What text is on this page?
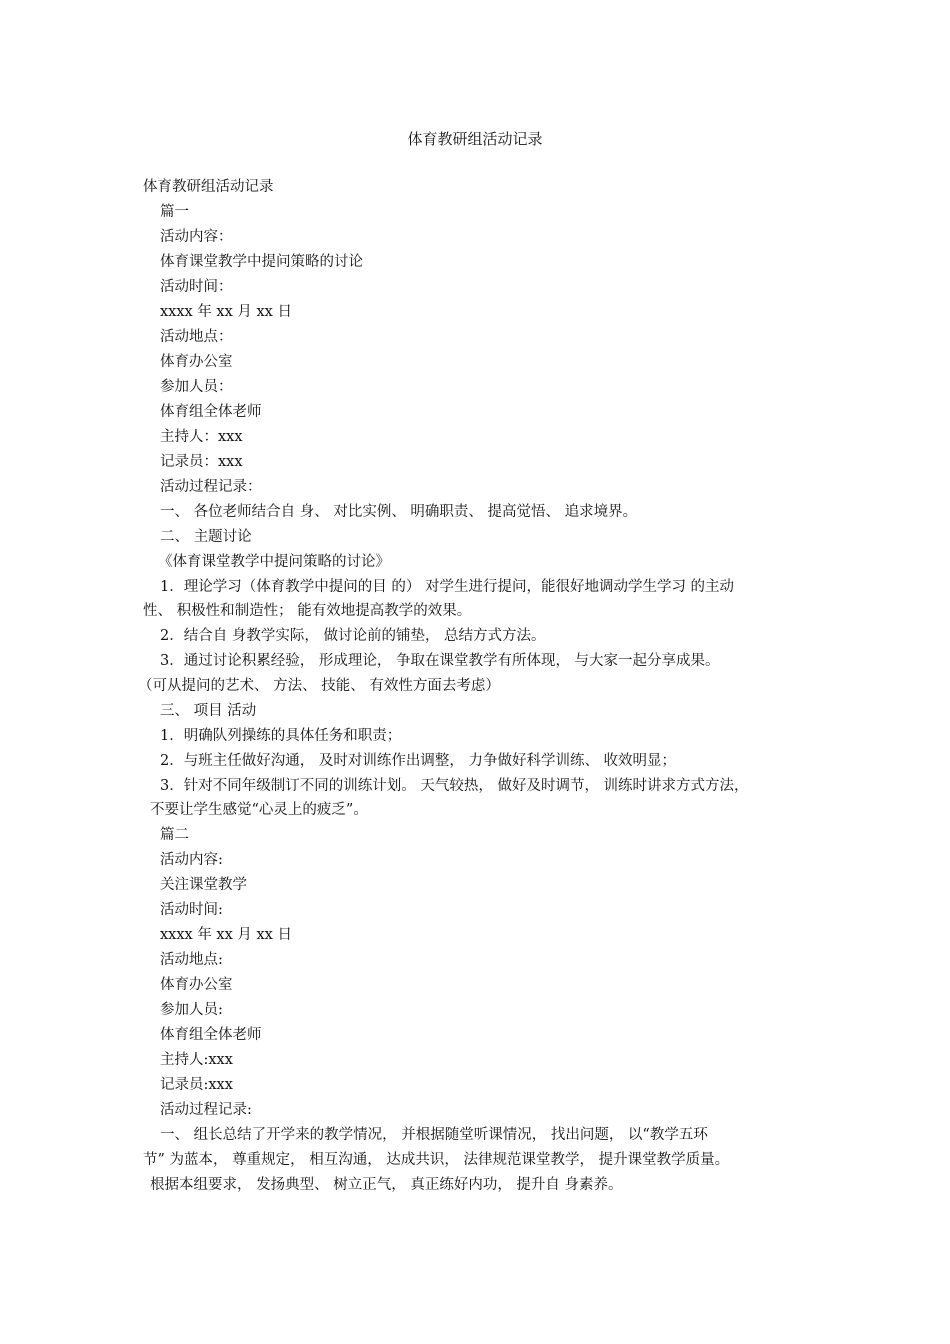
体育教研组活动记录
体育教研组活动记录
篇一
活动内容：
体育课堂教学中提问策略的讨论
活动时间：
xxxx 年 xx 月 xx 日
活动地点：
体育办公室
参加人员：
体育组全体老师
主持人：xxx
记录员：xxx
活动过程记录：
一、 各位老师结合自 身、 对比实例、 明确职责、 提高觉悟、 追求境界。
二、 主题讨论
《体育课堂教学中提问策略的讨论》
1．理论学习（体育教学中提问的目 的） 对学生进行提问，能很好地调动学生学习 的主动
性、 积极性和制造性； 能有效地提高教学的效果。
2．结合自 身教学实际， 做讨论前的铺垫， 总结方式方法。
3．通过讨论积累经验， 形成理论， 争取在课堂教学有所体现， 与大家一起分享成果。
（可从提问的艺术、 方法、 技能、 有效性方面去考虑）
三、 项目 活动
1．明确队列操练的具体任务和职责；
2．与班主任做好沟通， 及时对训练作出调整， 力争做好科学训练、 收效明显；
3．针对不同年级制订不同的训练计划。 天气较热， 做好及时调节， 训练时讲求方式方法，
不要让学生感觉“心灵上的疲乏”。
篇二
活动内容:
关注课堂教学
活动时间:
xxxx 年 xx 月 xx 日
活动地点:
体育办公室
参加人员:
体育组全体老师
主持人:xxx
记录员:xxx
活动过程记录:
一、 组长总结了开学来的教学情况， 并根据随堂听课情况， 找出问题， 以“教学五环
节” 为蓝本， 尊重规定， 相互沟通， 达成共识， 法律规范课堂教学， 提升课堂教学质量。
根据本组要求， 发扬典型、 树立正气， 真正练好内功， 提升自 身素养。
